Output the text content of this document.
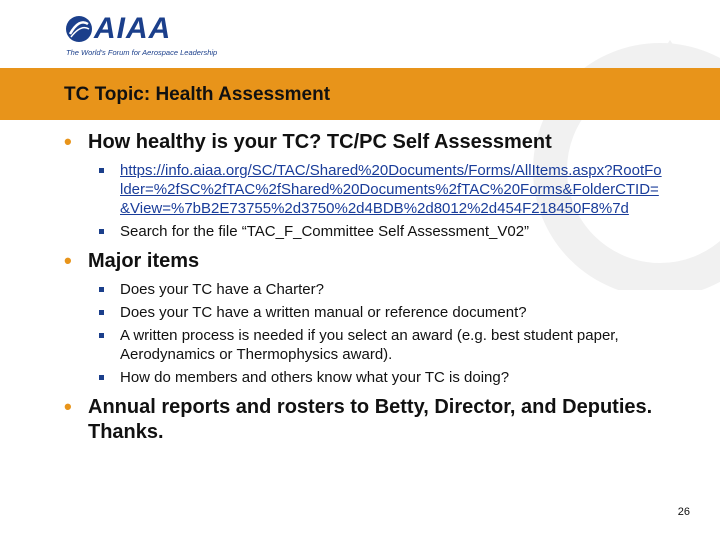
AIAA
The World's Forum for Aerospace Leadership
TC Topic: Health Assessment
• How healthy is your TC? TC/PC Self Assessment
https://info.aiaa.org/SC/TAC/Shared%20Documents/Forms/AllItems.aspx?RootFolder=%2fSC%2fTAC%2fShared%20Documents%2fTAC%20Forms&FolderCTID=&View=%7bB2E73755%2d3750%2d4BDB%2d8012%2d454F218450F8%7d
Search for the file “TAC_F_Committee Self Assessment_V02”
• Major items
Does your TC have a Charter?
Does your TC have a written manual or reference document?
A written process is needed if you select an award (e.g. best student paper, Aerodynamics or Thermophysics award).
How do members and others know what your TC is doing?
• Annual reports and rosters to Betty, Director, and Deputies. Thanks.
26
